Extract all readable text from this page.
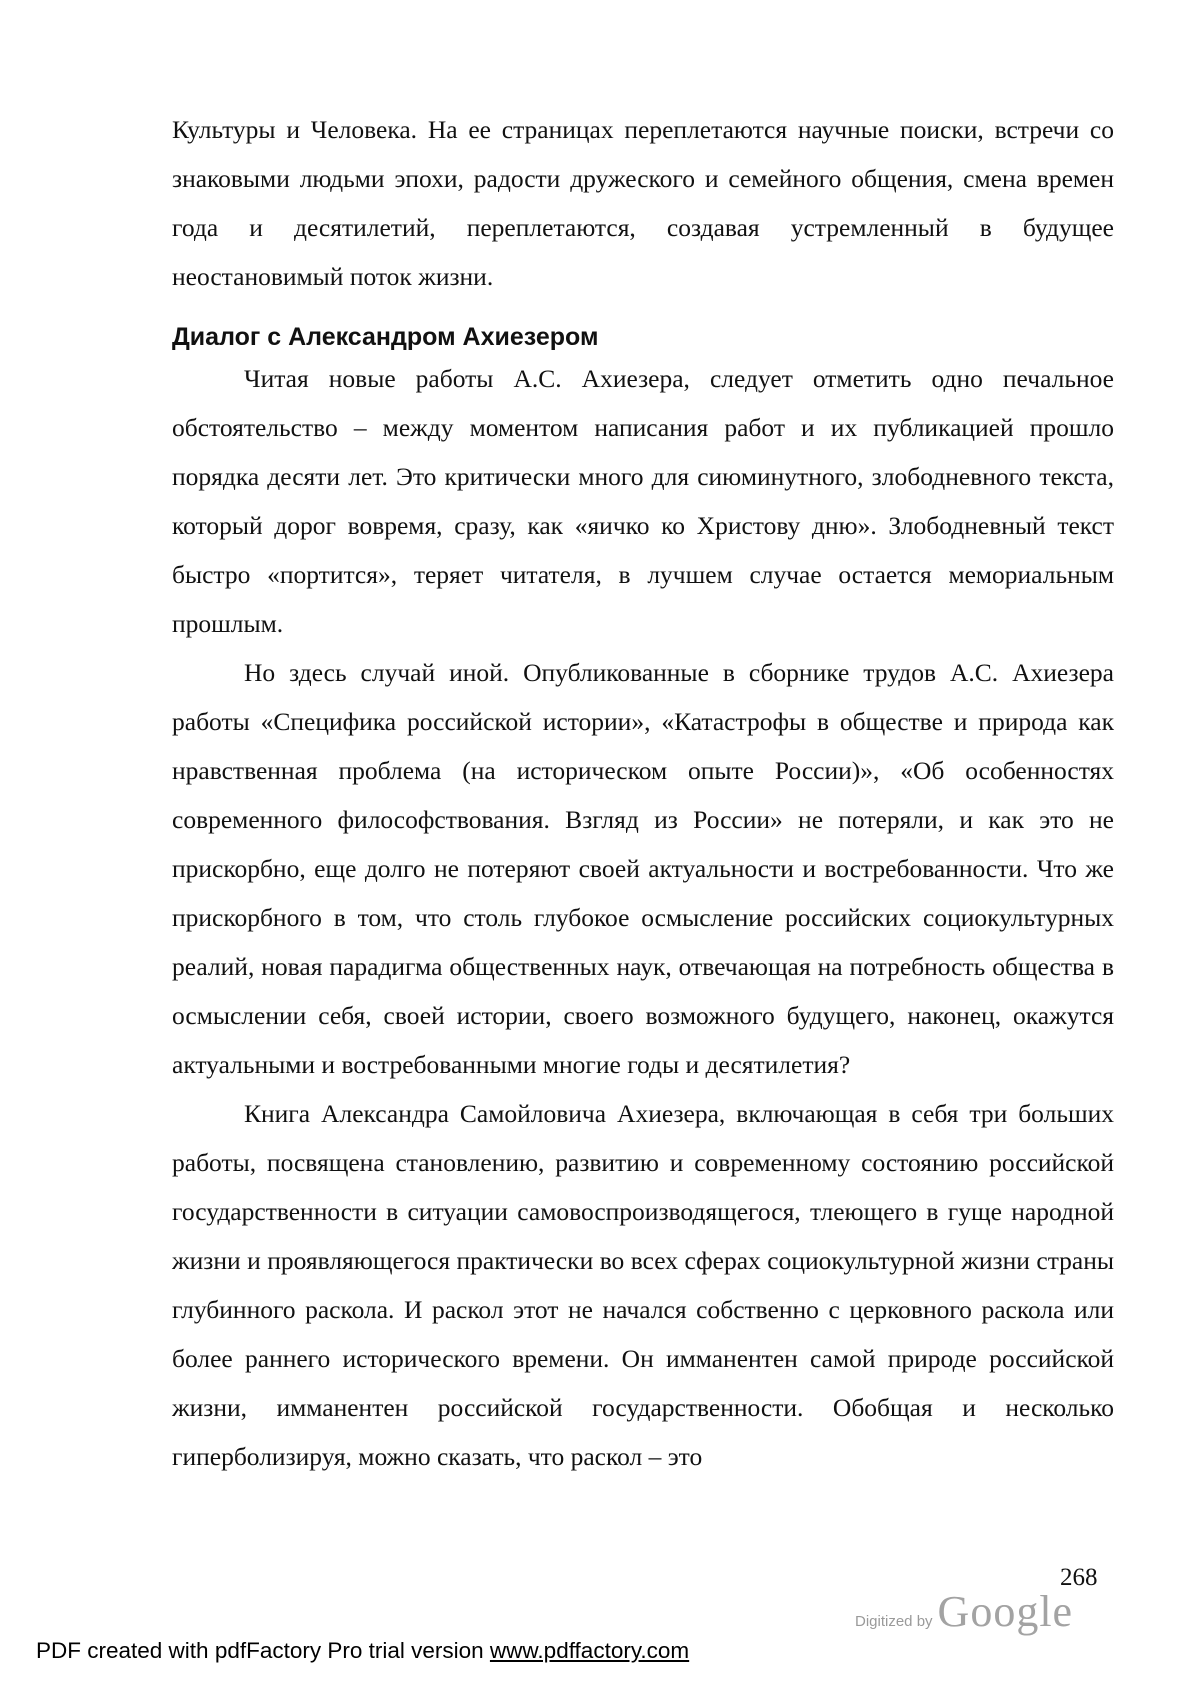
Культуры и Человека. На ее страницах переплетаются научные поиски, встречи со знаковыми людьми эпохи, радости дружеского и семейного общения, смена времен года и десятилетий, переплетаются, создавая устремленный в будущее неостановимый поток жизни.

Диалог с Александром Ахиезером

Читая новые работы А.С. Ахиезера, следует отметить одно печальное обстоятельство – между моментом написания работ и их публикацией прошло порядка десяти лет. Это критически много для сиюминутного, злободневного текста, который дорог вовремя, сразу, как «яичко ко Христову дню». Злободневный текст быстро «портится», теряет читателя, в лучшем случае остается мемориальным прошлым.

Но здесь случай иной. Опубликованные в сборнике трудов А.С. Ахиезера работы «Специфика российской истории», «Катастрофы в обществе и природа как нравственная проблема (на историческом опыте России)», «Об особенностях современного философствования. Взгляд из России» не потеряли, и как это не прискорбно, еще долго не потеряют своей актуальности и востребованности. Что же прискорбного в том, что столь глубокое осмысление российских социокультурных реалий, новая парадигма общественных наук, отвечающая на потребность общества в осмыслении себя, своей истории, своего возможного будущего, наконец, окажутся актуальными и востребованными многие годы и десятилетия?

Книга Александра Самойловича Ахиезера, включающая в себя три больших работы, посвящена становлению, развитию и современному состоянию российской государственности в ситуации самовоспроизводящегося, тлеющего в гуще народной жизни и проявляющегося практически во всех сферах социокультурной жизни страны глубинного раскола. И раскол этот не начался собственно с церковного раскола или более раннего исторического времени. Он имманентен самой природе российской жизни, имманентен российской государственности. Обобщая и несколько гиперболизируя, можно сказать, что раскол – это

268
Digitized by Google
PDF created with pdfFactory Pro trial version www.pdffactory.com
